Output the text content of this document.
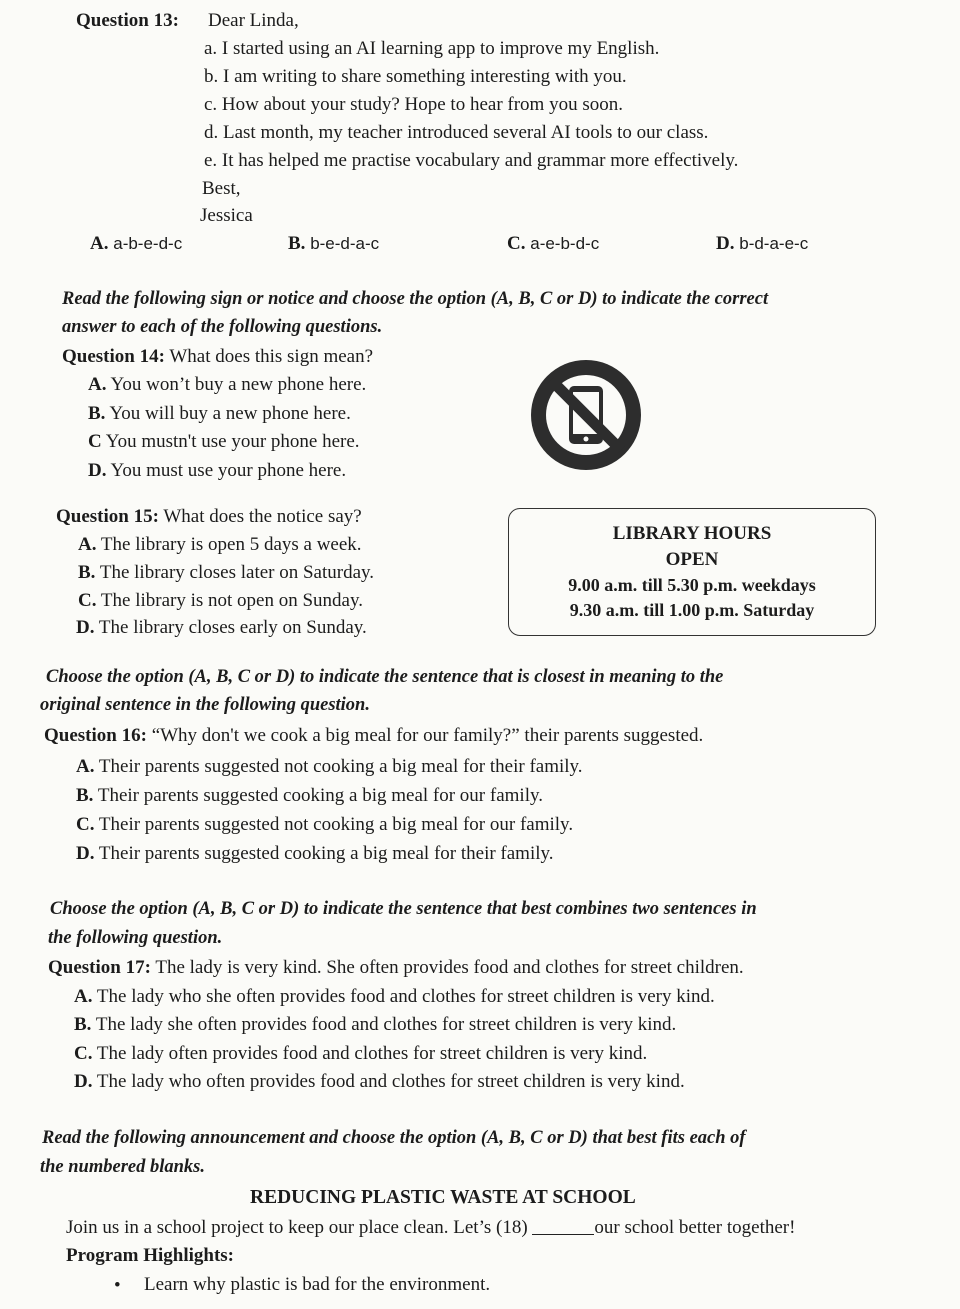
Question 13: Dear Linda,
a. I started using an AI learning app to improve my English.
b. I am writing to share something interesting with you.
c. How about your study? Hope to hear from you soon.
d. Last month, my teacher introduced several AI tools to our class.
e. It has helped me practise vocabulary and grammar more effectively.
Best,
Jessica
A. a-b-e-d-c	B. b-e-d-a-c	C. a-e-b-d-c	D. b-d-a-e-c
Read the following sign or notice and choose the option (A, B, C or D) to indicate the correct
answer to each of the following questions.
Question 14: What does this sign mean?
A. You won’t buy a new phone here.
B. You will buy a new phone here.
C You mustn't use your phone here.
D. You must use your phone here.
Question 15: What does the notice say?
A. The library is open 5 days a week.
B. The library closes later on Saturday.
C. The library is not open on Sunday.
D. The library closes early on Sunday.
LIBRARY HOURS
OPEN
9.00 a.m. till 5.30 p.m. weekdays
9.30 a.m. till 1.00 p.m. Saturday
Choose the option (A, B, C or D) to indicate the sentence that is closest in meaning to the
original sentence in the following question.
Question 16: “Why don't we cook a big meal for our family?” their parents suggested.
A. Their parents suggested not cooking a big meal for their family.
B. Their parents suggested cooking a big meal for our family.
C. Their parents suggested not cooking a big meal for our family.
D. Their parents suggested cooking a big meal for their family.
Choose the option (A, B, C or D) to indicate the sentence that best combines two sentences in
the following question.
Question 17: The lady is very kind. She often provides food and clothes for street children.
A. The lady who she often provides food and clothes for street children is very kind.
B. The lady she often provides food and clothes for street children is very kind.
C. The lady often provides food and clothes for street children is very kind.
D. The lady who often provides food and clothes for street children is very kind.
Read the following announcement and choose the option (A, B, C or D) that best fits each of
the numbered blanks.
REDUCING PLASTIC WASTE AT SCHOOL
Join us in a school project to keep our place clean. Let’s (18)	our school better together!
Program Highlights:
• Learn why plastic is bad for the environment.
